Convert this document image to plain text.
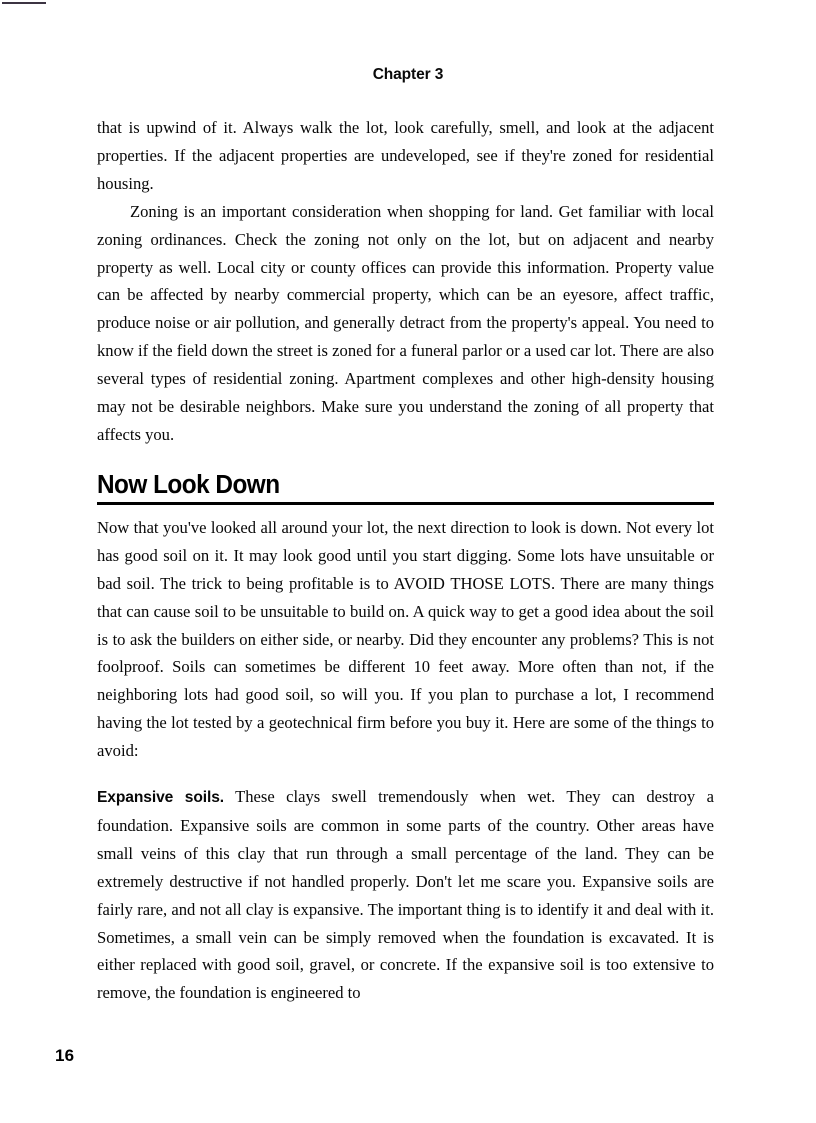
Chapter 3

that is upwind of it. Always walk the lot, look carefully, smell, and look at the adjacent properties. If the adjacent properties are undeveloped, see if they're zoned for residential housing.

Zoning is an important consideration when shopping for land. Get familiar with local zoning ordinances. Check the zoning not only on the lot, but on adjacent and nearby property as well. Local city or county offices can provide this information. Property value can be affected by nearby commercial property, which can be an eyesore, affect traffic, produce noise or air pollution, and generally detract from the property's appeal. You need to know if the field down the street is zoned for a funeral parlor or a used car lot. There are also several types of residential zoning. Apartment complexes and other high-density housing may not be desirable neighbors. Make sure you understand the zoning of all property that affects you.

Now Look Down

Now that you've looked all around your lot, the next direction to look is down. Not every lot has good soil on it. It may look good until you start digging. Some lots have unsuitable or bad soil. The trick to being profitable is to AVOID THOSE LOTS. There are many things that can cause soil to be unsuitable to build on. A quick way to get a good idea about the soil is to ask the builders on either side, or nearby. Did they encounter any problems? This is not foolproof. Soils can sometimes be different 10 feet away. More often than not, if the neighboring lots had good soil, so will you. If you plan to purchase a lot, I recommend having the lot tested by a geotechnical firm before you buy it. Here are some of the things to avoid:

Expansive soils. These clays swell tremendously when wet. They can destroy a foundation. Expansive soils are common in some parts of the country. Other areas have small veins of this clay that run through a small percentage of the land. They can be extremely destructive if not handled properly. Don't let me scare you. Expansive soils are fairly rare, and not all clay is expansive. The important thing is to identify it and deal with it. Sometimes, a small vein can be simply removed when the foundation is excavated. It is either replaced with good soil, gravel, or concrete. If the expansive soil is too extensive to remove, the foundation is engineered to

16
